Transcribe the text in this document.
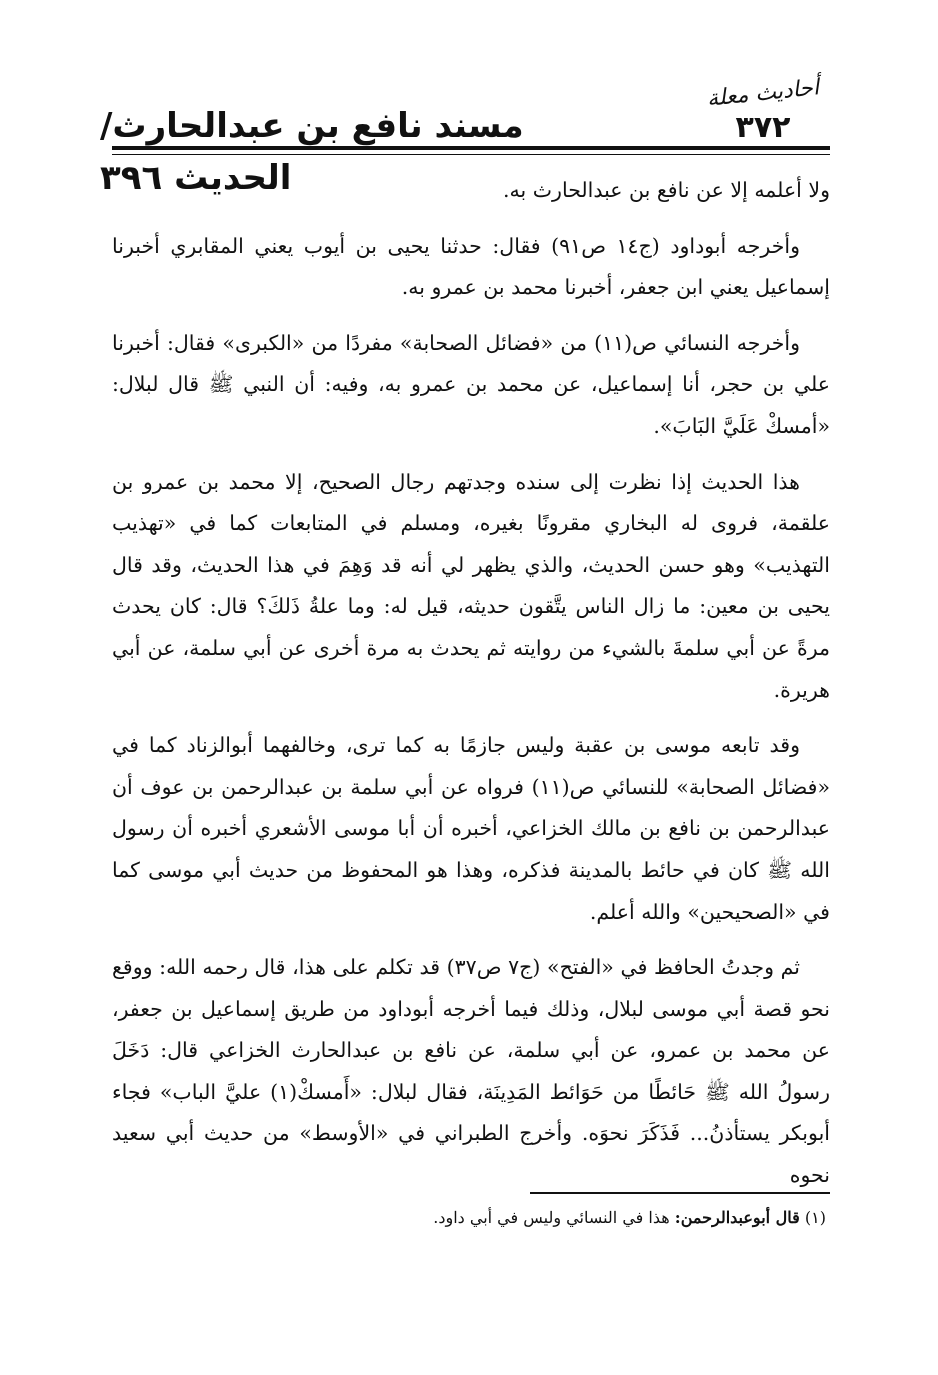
أحاديث معلة
٣٧٢
مسند نافع بن عبدالحارث/الحديث ٣٩٦	ولا أعلمه إلا عن نافع بن عبدالحارث به.

وأخرجه أبوداود (ج١٤ ص٩١) فقال: حدثنا يحيى بن أيوب يعني المقابري أخبرنا إسماعيل يعني ابن جعفر، أخبرنا محمد بن عمرو به.

وأخرجه النسائي ص(١١) من «فضائل الصحابة» مفردًا من «الكبرى» فقال: أخبرنا علي بن حجر، أنا إسماعيل، عن محمد بن عمرو به، وفيه: أن النبي ﷺ قال لبلال: «أمسكْ عَلَيَّ البَابَ».

هذا الحديث إذا نظرت إلى سنده وجدتهم رجال الصحيح، إلا محمد بن عمرو بن علقمة، فروى له البخاري مقرونًا بغيره، ومسلم في المتابعات كما في «تهذيب التهذيب» وهو حسن الحديث، والذي يظهر لي أنه قد وَهِمَ في هذا الحديث، وقد قال يحيى بن معين: ما زال الناس يتَّقون حديثه، قيل له: وما علةُ ذَلكَ؟ قال: كان يحدث مرةً عن أبي سلمةَ بالشيء من روايته ثم يحدث به مرة أخرى عن أبي سلمة، عن أبي هريرة.

وقد تابعه موسى بن عقبة وليس جازمًا به كما ترى، وخالفهما أبوالزناد كما في «فضائل الصحابة» للنسائي ص(١١) فرواه عن أبي سلمة بن عبدالرحمن بن عوف أن عبدالرحمن بن نافع بن مالك الخزاعي، أخبره أن أبا موسى الأشعري أخبره أن رسول الله ﷺ كان في حائط بالمدينة فذكره، وهذا هو المحفوظ من حديث أبي موسى كما في «الصحيحين» والله أعلم.

ثم وجدتُ الحافظ في «الفتح» (ج٧ ص٣٧) قد تكلم على هذا، قال رحمه الله: ووقع نحو قصة أبي موسى لبلال، وذلك فيما أخرجه أبوداود من طريق إسماعيل بن جعفر، عن محمد بن عمرو، عن أبي سلمة، عن نافع بن عبدالحارث الخزاعي قال: دَخَلَ رسولُ الله ﷺ حَائطًا من حَوَائط المَدِينَة، فقال لبلال: «أَمسكْ(١) عليَّ الباب» فجاء أبوبكر يستأذنُ... فَذَكَرَ نحوَه. وأخرج الطبراني في «الأوسط» من حديث أبي سعيد نحوه

(١) قال أبوعبدالرحمن: هذا في النسائي وليس في أبي داود.
